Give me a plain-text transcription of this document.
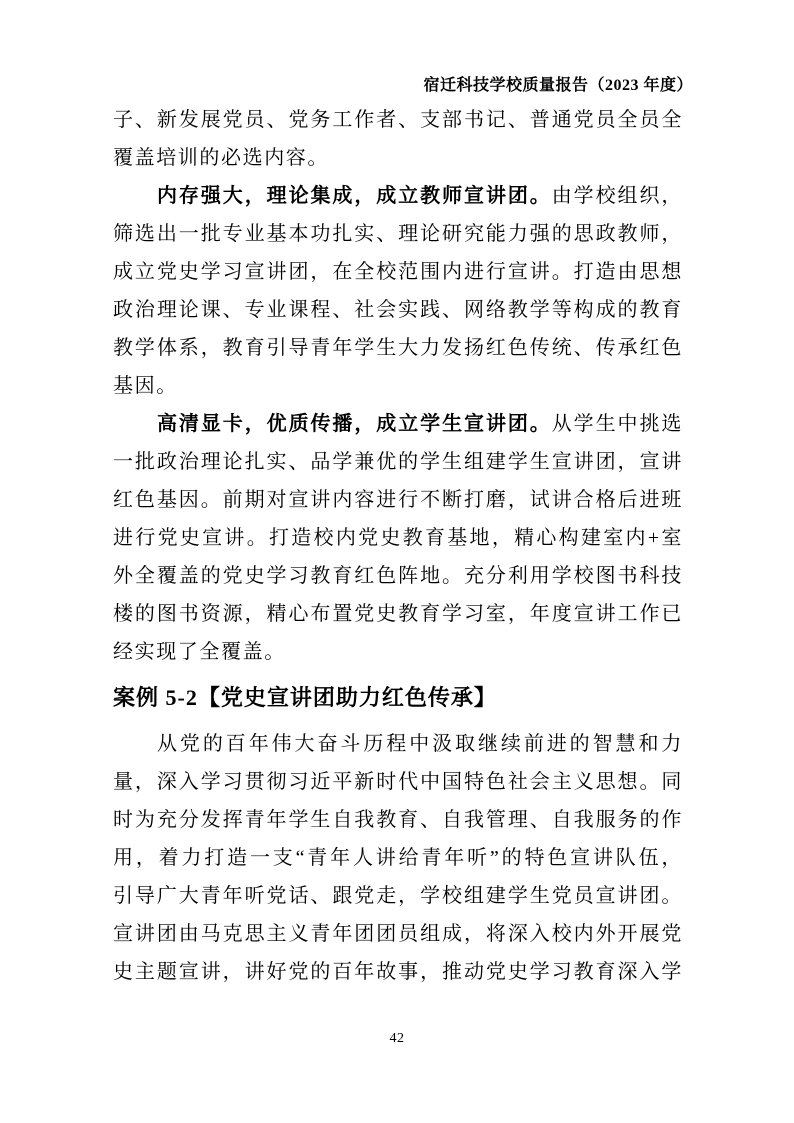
宿迁科技学校质量报告（2023 年度）
子、新发展党员、党务工作者、支部书记、普通党员全员全
覆盖培训的必选内容。
内存强大，理论集成，成立教师宣讲团。由学校组织，
筛选出一批专业基本功扎实、理论研究能力强的思政教师，
成立党史学习宣讲团，在全校范围内进行宣讲。打造由思想
政治理论课、专业课程、社会实践、网络教学等构成的教育
教学体系，教育引导青年学生大力发扬红色传统、传承红色
基因。
高清显卡，优质传播，成立学生宣讲团。从学生中挑选
一批政治理论扎实、品学兼优的学生组建学生宣讲团，宣讲
红色基因。前期对宣讲内容进行不断打磨，试讲合格后进班
进行党史宣讲。打造校内党史教育基地，精心构建室内+室
外全覆盖的党史学习教育红色阵地。充分利用学校图书科技
楼的图书资源，精心布置党史教育学习室，年度宣讲工作已
经实现了全覆盖。
案例 5-2【党史宣讲团助力红色传承】
从党的百年伟大奋斗历程中汲取继续前进的智慧和力
量，深入学习贯彻习近平新时代中国特色社会主义思想。同
时为充分发挥青年学生自我教育、自我管理、自我服务的作
用，着力打造一支“青年人讲给青年听”的特色宣讲队伍，
引导广大青年听党话、跟党走，学校组建学生党员宣讲团。
宣讲团由马克思主义青年团团员组成，将深入校内外开展党
史主题宣讲，讲好党的百年故事，推动党史学习教育深入学
42
